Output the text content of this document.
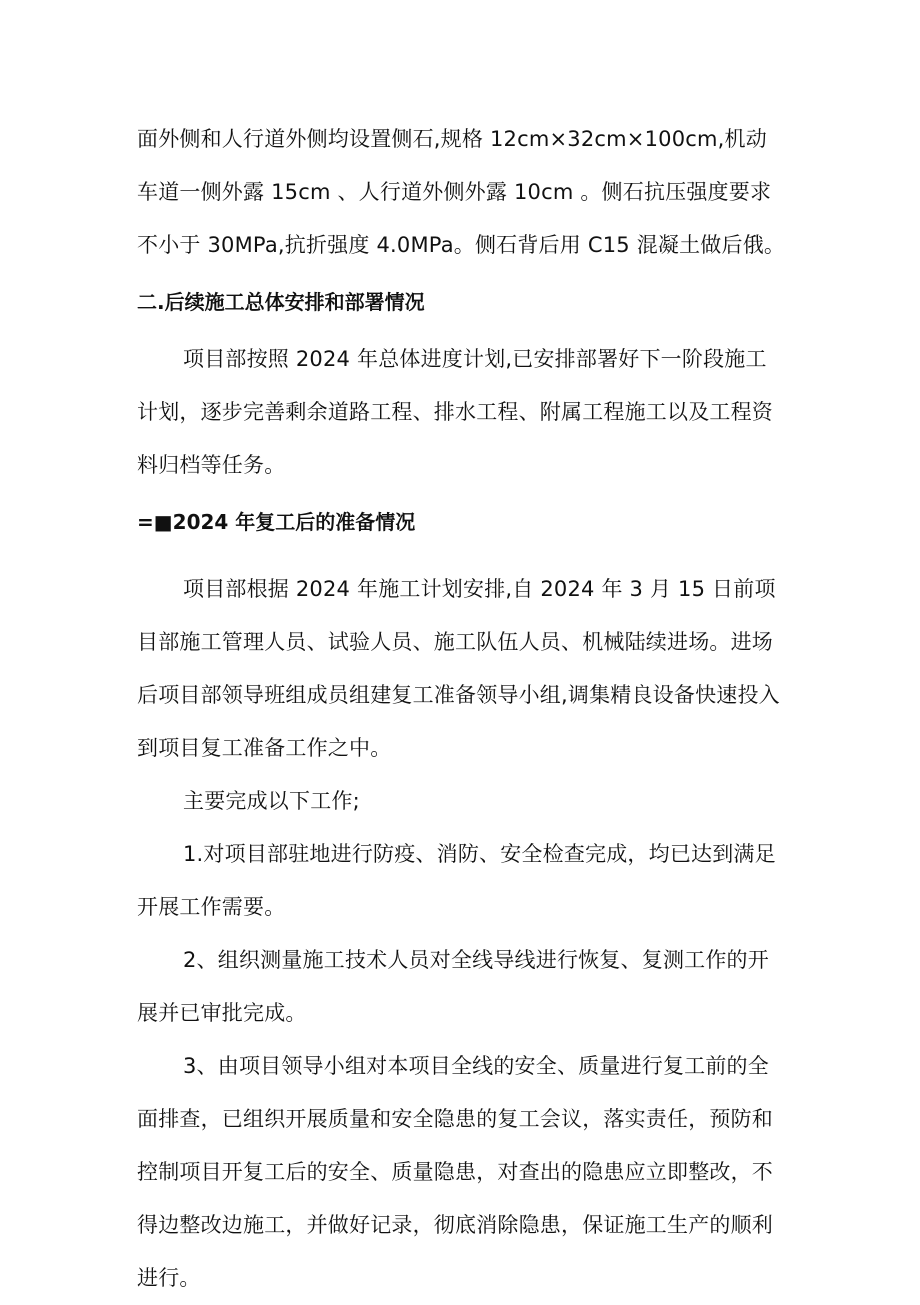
面外侧和人行道外侧均设置侧石,规格 12cm×32cm×100cm,机动车道一侧外露 15cm 、人行道外侧外露 10cm 。侧石抗压强度要求不小于 30MPa,抗折强度 4.0MPa。侧石背后用 C15 混凝土做后俄。

二.后续施工总体安排和部署情况

项目部按照 2024 年总体进度计划,已安排部署好下一阶段施工计划，逐步完善剩余道路工程、排水工程、附属工程施工以及工程资料归档等任务。

=■2024 年复工后的准备情况

项目部根据 2024 年施工计划安排,自 2024 年 3 月 15 日前项目部施工管理人员、试验人员、施工队伍人员、机械陆续进场。进场后项目部领导班组成员组建复工准备领导小组,调集精良设备快速投入到项目复工准备工作之中。

主要完成以下工作;

1.对项目部驻地进行防疫、消防、安全检查完成，均已达到满足开展工作需要。

2、组织测量施工技术人员对全线导线进行恢复、复测工作的开展并已审批完成。

3、由项目领导小组对本项目全线的安全、质量进行复工前的全面排查，已组织开展质量和安全隐患的复工会议，落实责任，预防和控制项目开复工后的安全、质量隐患，对查出的隐患应立即整改，不得边整改边施工，并做好记录，彻底消除隐患，保证施工生产的顺利进行。
